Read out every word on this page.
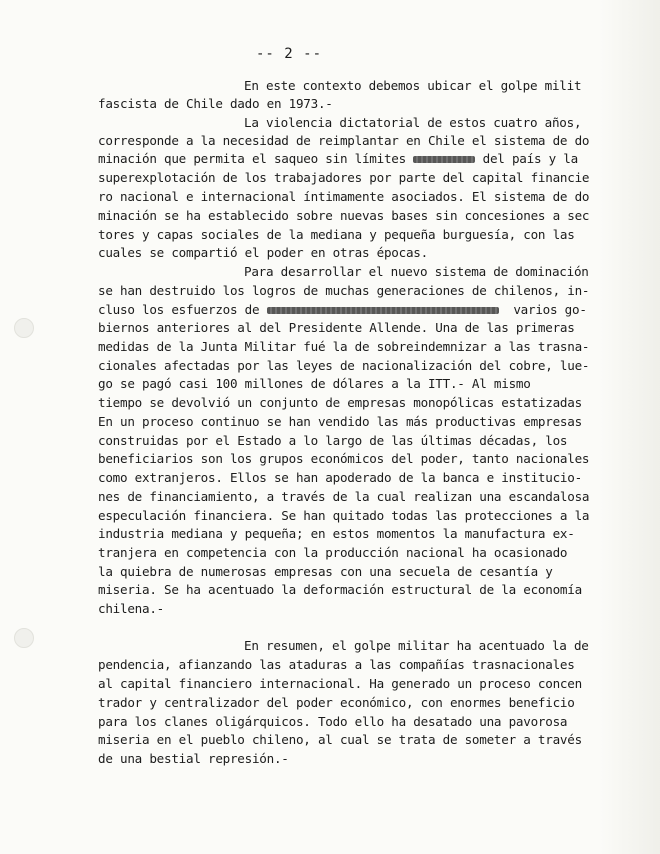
-- 2 --
En este contexto debemos ubicar el golpe milit
fascista de Chile dado en 1973.-
La violencia dictatorial de estos cuatro años,
corresponde a la necesidad de reimplantar en Chile el sistema de do
minación que permita el saqueo sin límites	del país y la
superexplotación de los trabajadores por parte del capital financie
ro nacional e internacional íntimamente asociados. El sistema de do
minación se ha establecido sobre nuevas bases sin concesiones a sec
tores y capas sociales de la mediana y pequeña burguesía, con las
cuales se compartió el poder en otras épocas.
Para desarrollar el nuevo sistema de dominación
se han destruido los logros de muchas generaciones de chilenos, in-
cluso los esfuerzos de	varios go-
biernos anteriores al del Presidente Allende. Una de las primeras
medidas de la Junta Militar fué la de sobreindemnizar a las trasna-
cionales afectadas por las leyes de nacionalización del cobre, lue-
go se pagó casi 100 millones de dólares a la ITT.- Al mismo
tiempo se devolvió un conjunto de empresas monopólicas estatizadas
En un proceso continuo se han vendido las más productivas empresas
construidas por el Estado a lo largo de las últimas décadas, los
beneficiarios son los grupos económicos del poder, tanto nacionales
como extranjeros. Ellos se han apoderado de la banca e institucio-
nes de financiamiento, a través de la cual realizan una escandalosa
especulación financiera. Se han quitado todas las protecciones a la
industria mediana y pequeña; en estos momentos la manufactura ex-
tranjera en competencia con la producción nacional ha ocasionado
la quiebra de numerosas empresas con una secuela de cesantía y
miseria. Se ha acentuado la deformación estructural de la economía
chilena.-
En resumen, el golpe militar ha acentuado la de
pendencia, afianzando las ataduras a las compañías trasnacionales
al capital financiero internacional. Ha generado un proceso concen
trador y centralizador del poder económico, con enormes beneficio
para los clanes oligárquicos. Todo ello ha desatado una pavorosa
miseria en el pueblo chileno, al cual se trata de someter a través
de una bestial represión.-
